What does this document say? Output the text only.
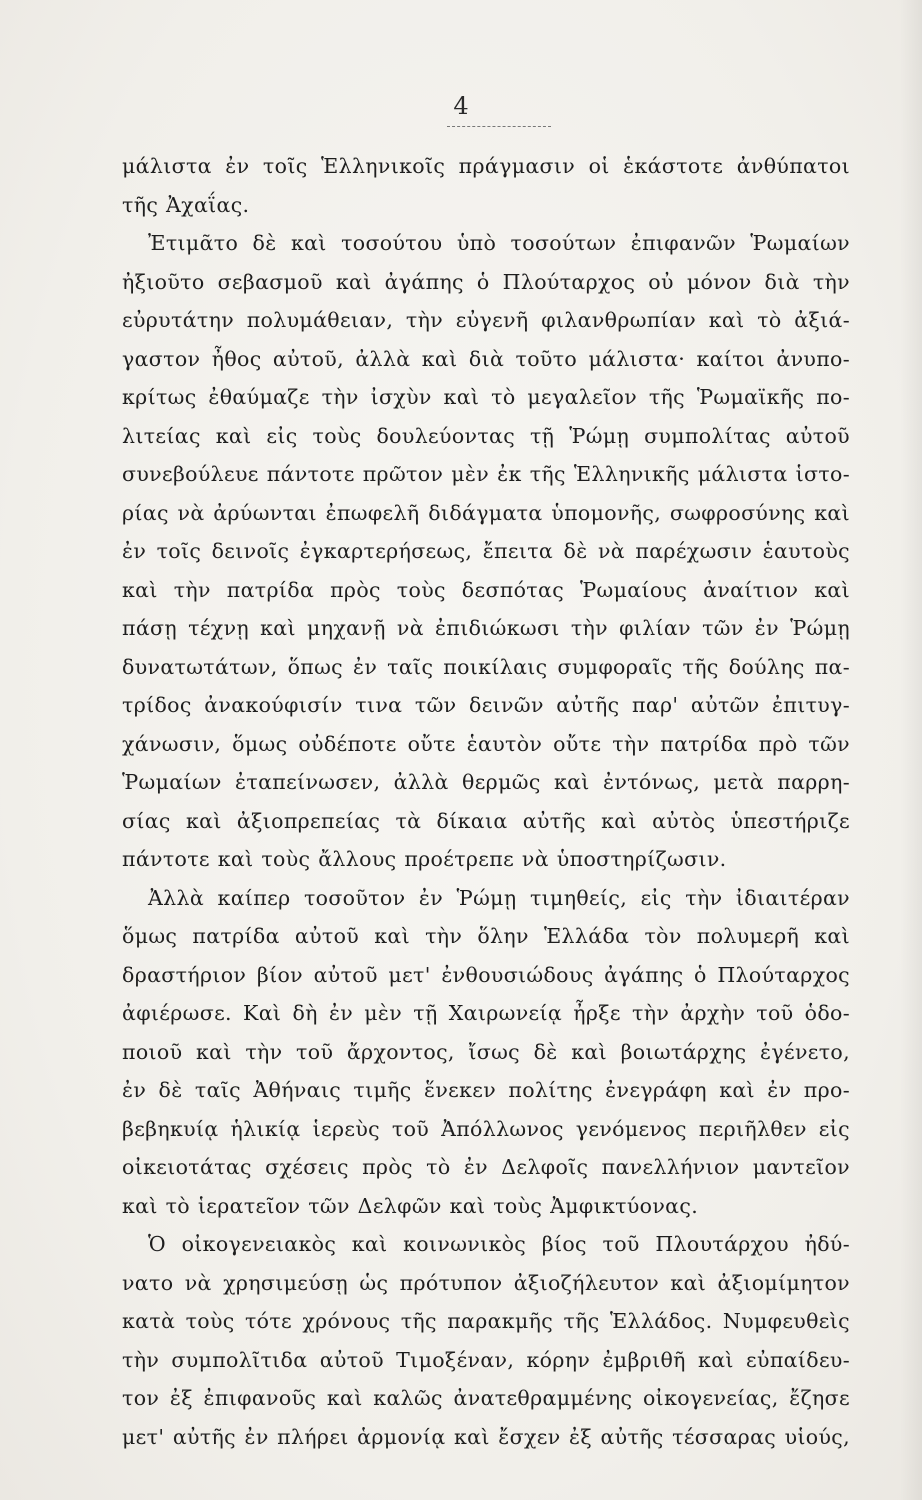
4
μάλιστα ἐν τοῖς Ἑλληνικοῖς πράγμασιν οἱ ἑκάστοτε ἀνθύπατοι
τῆς Ἀχαΐας.
Ἐτιμᾶτο δὲ καὶ τοσούτου ὑπὸ τοσούτων ἐπιφανῶν Ῥωμαίων
ἠξιοῦτο σεβασμοῦ καὶ ἀγάπης ὁ Πλούταρχος οὐ μόνον διὰ τὴν
εὐρυτάτην πολυμάθειαν, τὴν εὐγενῆ φιλανθρωπίαν καὶ τὸ ἀξιά-
γαστον ἦθος αὐτοῦ, ἀλλὰ καὶ διὰ τοῦτο μάλιστα· καίτοι ἀνυπο-
κρίτως ἐθαύμαζε τὴν ἰσχὺν καὶ τὸ μεγαλεῖον τῆς Ῥωμαϊκῆς πο-
λιτείας καὶ εἰς τοὺς δουλεύοντας τῇ Ῥώμῃ συμπολίτας αὐτοῦ
συνεβούλευε πάντοτε πρῶτον μὲν ἐκ τῆς Ἑλληνικῆς μάλιστα ἱστο-
ρίας νὰ ἀρύωνται ἐπωφελῆ διδάγματα ὑπομονῆς, σωφροσύνης καὶ
ἐν τοῖς δεινοῖς ἐγκαρτερήσεως, ἔπειτα δὲ νὰ παρέχωσιν ἑαυτοὺς
καὶ τὴν πατρίδα πρὸς τοὺς δεσπότας Ῥωμαίους ἀναίτιον καὶ
πάσῃ τέχνῃ καὶ μηχανῇ νὰ ἐπιδιώκωσι τὴν φιλίαν τῶν ἐν Ῥώμῃ
δυνατωτάτων, ὅπως ἐν ταῖς ποικίλαις συμφοραῖς τῆς δούλης πα-
τρίδος ἀνακούφισίν τινα τῶν δεινῶν αὐτῆς παρ' αὐτῶν ἐπιτυγ-
χάνωσιν, ὅμως οὐδέποτε οὔτε ἑαυτὸν οὔτε τὴν πατρίδα πρὸ τῶν
Ῥωμαίων ἐταπείνωσεν, ἀλλὰ θερμῶς καὶ ἐντόνως, μετὰ παρρη-
σίας καὶ ἀξιοπρεπείας τὰ δίκαια αὐτῆς καὶ αὐτὸς ὑπεστήριζε
πάντοτε καὶ τοὺς ἄλλους προέτρεπε νὰ ὑποστηρίζωσιν.
Ἀλλὰ καίπερ τοσοῦτον ἐν Ῥώμῃ τιμηθείς, εἰς τὴν ἰδιαιτέραν
ὅμως πατρίδα αὐτοῦ καὶ τὴν ὅλην Ἑλλάδα τὸν πολυμερῆ καὶ
δραστήριον βίον αὐτοῦ μετ' ἐνθουσιώδους ἀγάπης ὁ Πλούταρχος
ἀφιέρωσε. Καὶ δὴ ἐν μὲν τῇ Χαιρωνείᾳ ἦρξε τὴν ἀρχὴν τοῦ ὁδο-
ποιοῦ καὶ τὴν τοῦ ἄρχοντος, ἴσως δὲ καὶ βοιωτάρχης ἐγένετο,
ἐν δὲ ταῖς Ἀθήναις τιμῆς ἕνεκεν πολίτης ἐνεγράφη καὶ ἐν προ-
βεβηκυίᾳ ἡλικίᾳ ἱερεὺς τοῦ Ἀπόλλωνος γενόμενος περιῆλθεν εἰς
οἰκειοτάτας σχέσεις πρὸς τὸ ἐν Δελφοῖς πανελλήνιον μαντεῖον
καὶ τὸ ἱερατεῖον τῶν Δελφῶν καὶ τοὺς Ἀμφικτύονας.
Ὁ οἰκογενειακὸς καὶ κοινωνικὸς βίος τοῦ Πλουτάρχου ἠδύ-
νατο νὰ χρησιμεύσῃ ὡς πρότυπον ἀξιοζήλευτον καὶ ἀξιομίμητον
κατὰ τοὺς τότε χρόνους τῆς παρακμῆς τῆς Ἑλλάδος. Νυμφευθεὶς
τὴν συμπολῖτιδα αὐτοῦ Τιμοξέναν, κόρην ἐμβριθῆ καὶ εὐπαίδευ-
τον ἐξ ἐπιφανοῦς καὶ καλῶς ἀνατεθραμμένης οἰκογενείας, ἔζησε
μετ' αὐτῆς ἐν πλήρει ἁρμονίᾳ καὶ ἔσχεν ἐξ αὐτῆς τέσσαρας υἱούς,
